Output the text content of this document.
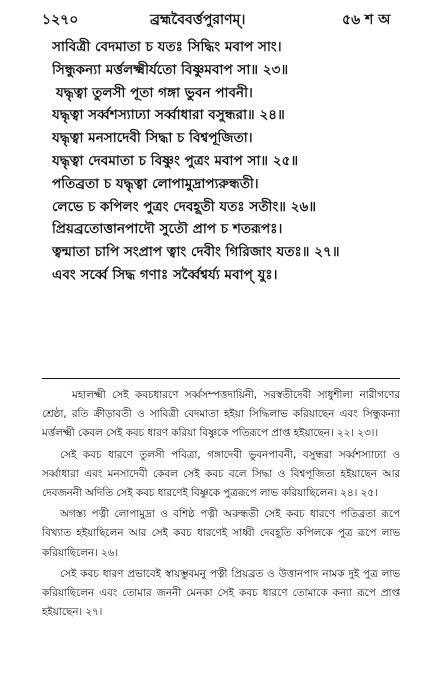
১২৭০	ব্রহ্মবৈবর্ত্তপুরাণম্‌।	৫৬ শ অ

সাবিত্রী বেদমাতা চ যতঃ সিদ্ধিং মবাপ সাং।

সিন্ধুকন্যা মর্ত্তলক্ষ্মীর্যতো বিষ্ণুমবাপ সা॥ ২৩॥

যদ্ধৃত্বা তুলসী পূতা গঙ্গা ভুবন পাবনী।

যদ্ধৃত্বা সর্ব্বশস্যাঢ্যা সর্ব্বাধারা বসুন্ধরা॥ ২৪॥

যদ্ধৃত্বা মনসাদেবী সিদ্ধা চ বিশ্বপূজিতা।

যদ্ধৃত্বা দেবমাতা চ বিষ্ণুং পুত্রং মবাপ সা॥ ২৫॥

পতিব্রতা চ যদ্ধৃত্বা লোপামুদ্রাপ্যরুন্ধতী।

লেভে চ কপিলং পুত্রং দেবহূতী যতঃ সতীং॥ ২৬॥

প্রিয়ব্রতোত্তানপাদৌ সুতৌ প্রাপ চ শতরূপঃ।

ত্বন্মাতা চাপি সংপ্রাপ ত্বাং দেবীং গিরিজাং যতঃ॥ ২৭॥

এবং সর্ব্বে সিদ্ধ গণাঃ সর্ব্বৈশ্বর্য্য মবাপ্‌ যুঃ।

মহালক্ষ্মী সেই কবচধারণে সর্ব্বসম্পত্তদায়িনী, সরস্বতীদেবী সাধুশীলা নারীগণের শ্রেষ্ঠা, রতি ক্রীড়াবতী ও সাবিত্রী বেদমাতা হইয়া সিদ্ধিলাভ করিয়াছেন এবং সিন্ধুকন্যা মর্ত্তলক্ষ্মী কেবল সেই কবচ ধারণ করিয়া বিষ্ণুকে পতিরূপে প্রাপ্ত হইয়াছেন। ২২। ২৩।।

সেই কবচ ধারণে তুলসী পবিত্রা, গঙ্গাদেবী ভুবনপাবনী, বসুন্ধরা সর্ব্বশস্যাঢ্যা ও সর্ব্বাধারা এবং মনসাদেবী কেবল সেই কবচ বলে সিদ্ধা ও বিশ্বপূজিতা হইয়াছেন আর দেবজননী অদিতি সেই কবচ ধারণেই বিষ্ণুকে পুত্ররূপে লাভ করিয়াছিলেন। ২৪। ২৫।

অগস্ত্য পত্নী লোপামুদ্রা ও বশিষ্ঠ পত্নী অরুন্ধতী সেই কবচ ধারণে পতিব্রতা রূপে বিখ্যাত হইয়াছিলেন আর সেই কবচ ধারণেই সাধ্বী দেবহূতি কপিলকে পুত্র রূপে লাভ করিয়াছিলেন। ২৬।

সেই কবচ ধারণ প্রভাবেই স্বায়ম্ভুবমনু পত্নী প্রিয়ব্রত ও উত্তানপাদ নামক দুই পুত্র লাভ করিয়াছিলেন এবং তোমার জননী মেনকা সেই কবচ ধারণে তোমাকে কন্যা রূপে প্রাপ্ত হইয়াছেন। ২৭।
